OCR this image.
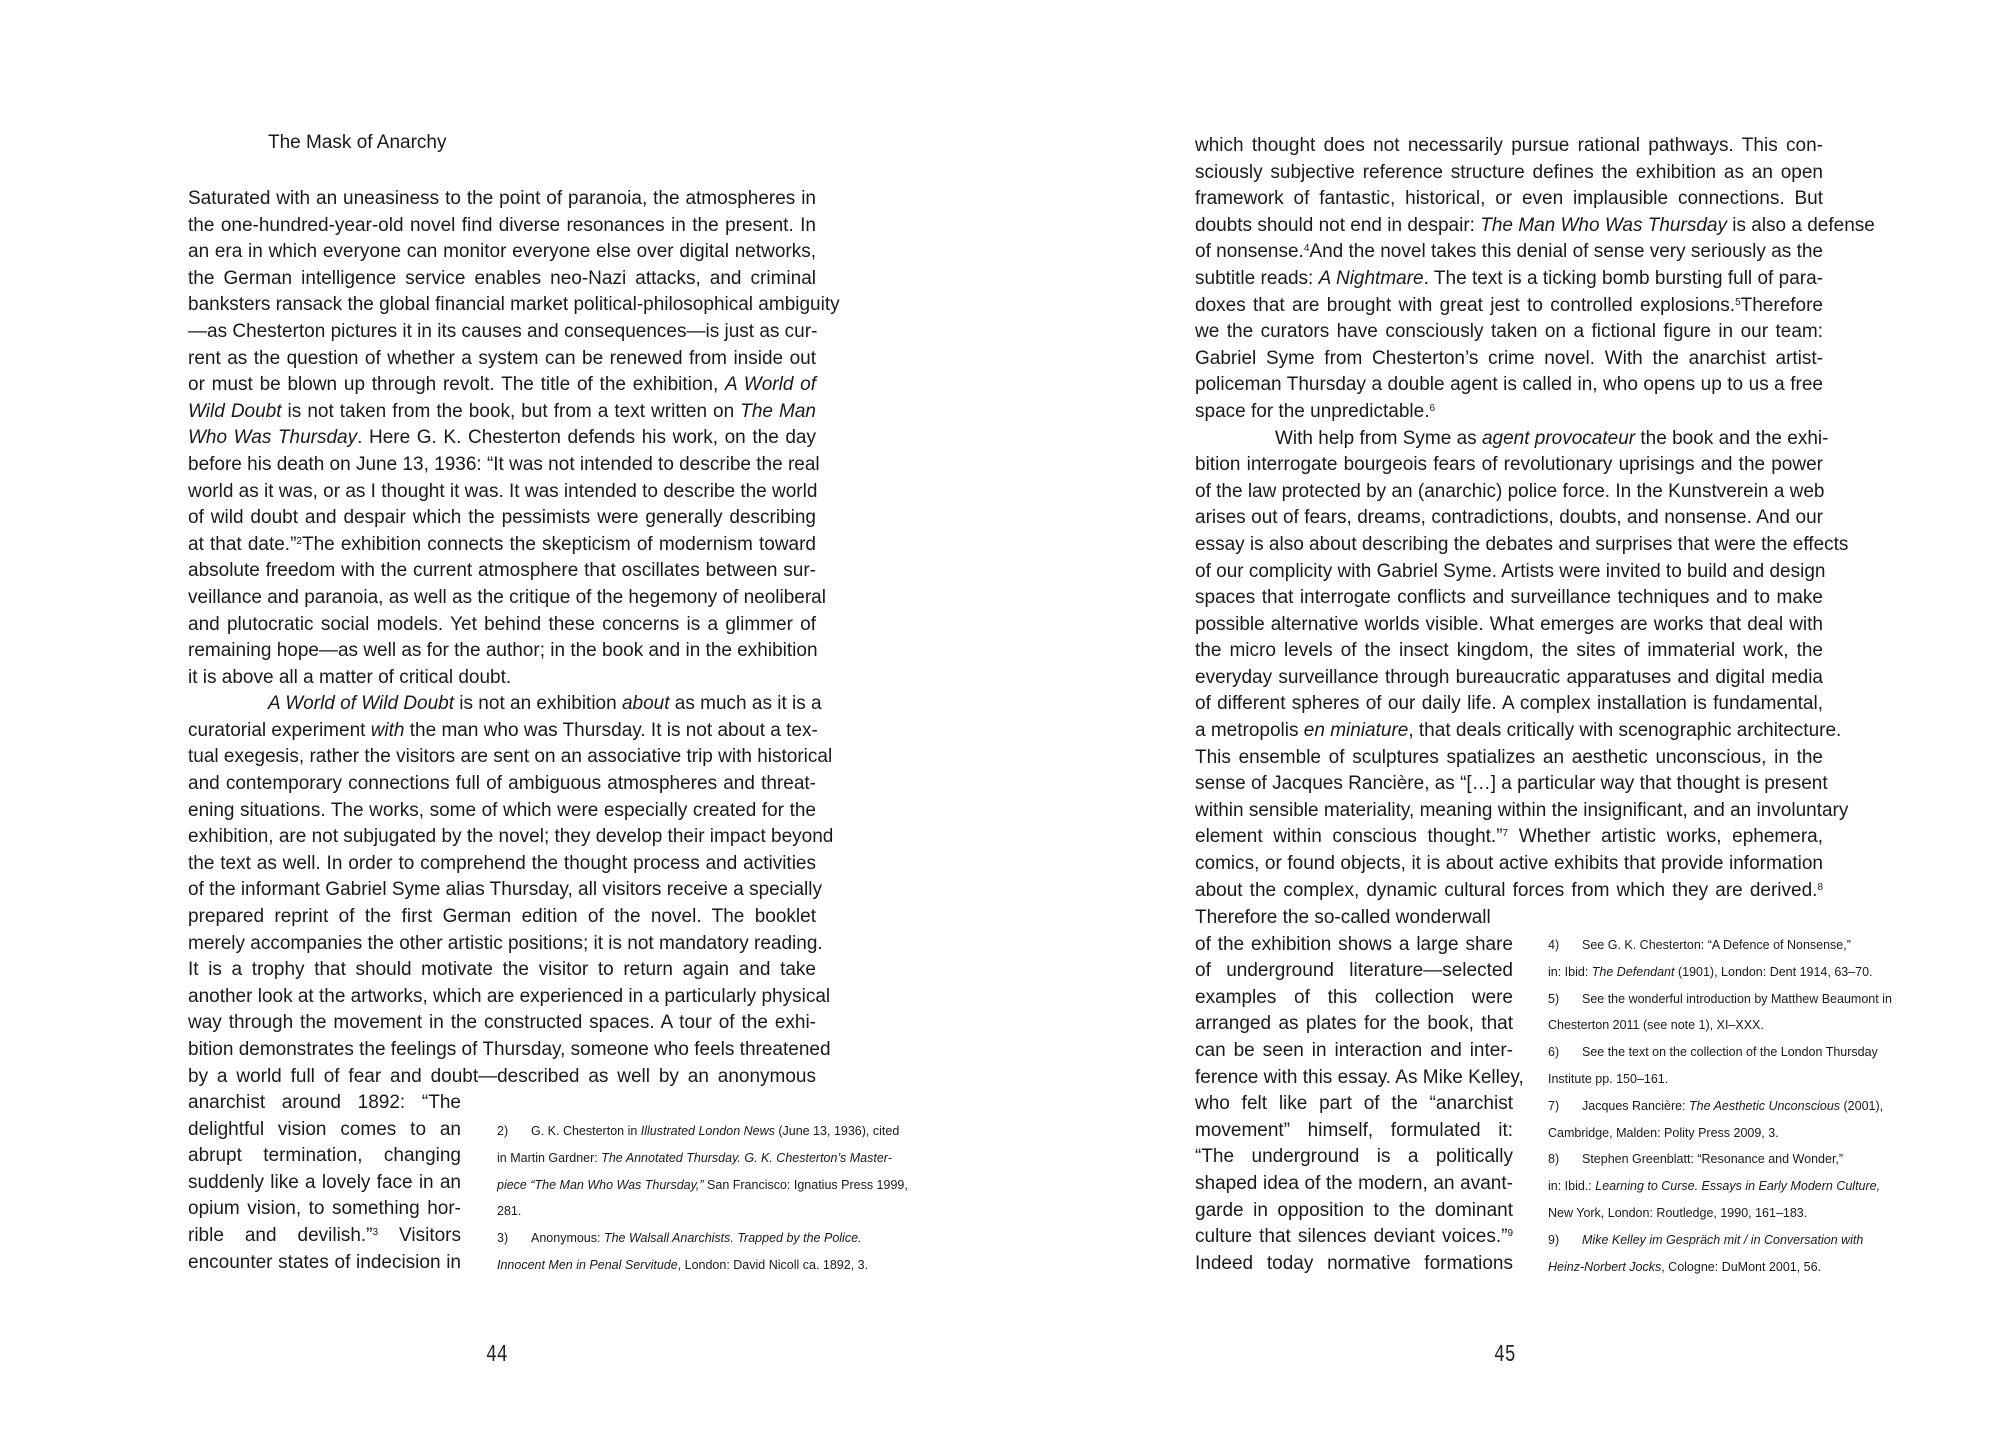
The Mask of Anarchy
Saturated with an uneasiness to the point of paranoia, the atmospheres in
the one-hundred-year-old novel find diverse resonances in the present. In
an era in which everyone can monitor everyone else over digital networks,
the German intelligence service enables neo-Nazi attacks, and criminal
banksters ransack the global financial market political-philosophical ambiguity
—as Chesterton pictures it in its causes and consequences—is just as cur-
rent as the question of whether a system can be renewed from inside out
or must be blown up through revolt. The title of the exhibition, A World of
Wild Doubt is not taken from the book, but from a text written on The Man
Who Was Thursday. Here G. K. Chesterton defends his work, on the day
before his death on June 13, 1936: “It was not intended to describe the real
world as it was, or as I thought it was. It was intended to describe the world
of wild doubt and despair which the pessimists were generally describing
at that date.”$^2$The exhibition connects the skepticism of modernism toward
absolute freedom with the current atmosphere that oscillates between sur-
veillance and paranoia, as well as the critique of the hegemony of neoliberal
and plutocratic social models. Yet behind these concerns is a glimmer of
remaining hope—as well as for the author; in the book and in the exhibition
it is above all a matter of critical doubt.
A World of Wild Doubt is not an exhibition about as much as it is a
curatorial experiment with the man who was Thursday. It is not about a tex-
tual exegesis, rather the visitors are sent on an associative trip with historical
and contemporary connections full of ambiguous atmospheres and threat-
ening situations. The works, some of which were especially created for the
exhibition, are not subjugated by the novel; they develop their impact beyond
the text as well. In order to comprehend the thought process and activities
of the informant Gabriel Syme alias Thursday, all visitors receive a specially
prepared reprint of the first German edition of the novel. The booklet
merely accompanies the other artistic positions; it is not mandatory reading.
It is a trophy that should motivate the visitor to return again and take
another look at the artworks, which are experienced in a particularly physical
way through the movement in the constructed spaces. A tour of the exhi-
bition demonstrates the feelings of Thursday, someone who feels threatened
by a world full of fear and doubt—described as well by an anonymous
anarchist around 1892: “The
delightful vision comes to an
abrupt termination, changing
suddenly like a lovely face in an
opium vision, to something hor-
rible and devilish.”$^3$ Visitors
encounter states of indecision in
2) G. K. Chesterton in Illustrated London News (June 13, 1936), cited
in Martin Gardner: The Annotated Thursday. G. K. Chesterton’s Master-
piece “The Man Who Was Thursday,” San Francisco: Ignatius Press 1999,
281.
3) Anonymous: The Walsall Anarchists. Trapped by the Police.
Innocent Men in Penal Servitude, London: David Nicoll ca. 1892, 3.
44
which thought does not necessarily pursue rational pathways. This con-
sciously subjective reference structure defines the exhibition as an open
framework of fantastic, historical, or even implausible connections. But
doubts should not end in despair: The Man Who Was Thursday is also a defense
of nonsense.$^4$And the novel takes this denial of sense very seriously as the
subtitle reads: A Nightmare. The text is a ticking bomb bursting full of para-
doxes that are brought with great jest to controlled explosions.$^5$Therefore
we the curators have consciously taken on a fictional figure in our team:
Gabriel Syme from Chesterton’s crime novel. With the anarchist artist-
policeman Thursday a double agent is called in, who opens up to us a free
space for the unpredictable.$^6$
With help from Syme as agent provocateur the book and the exhi-
bition interrogate bourgeois fears of revolutionary uprisings and the power
of the law protected by an (anarchic) police force. In the Kunstverein a web
arises out of fears, dreams, contradictions, doubts, and nonsense. And our
essay is also about describing the debates and surprises that were the effects
of our complicity with Gabriel Syme. Artists were invited to build and design
spaces that interrogate conflicts and surveillance techniques and to make
possible alternative worlds visible. What emerges are works that deal with
the micro levels of the insect kingdom, the sites of immaterial work, the
everyday surveillance through bureaucratic apparatuses and digital media
of different spheres of our daily life. A complex installation is fundamental,
a metropolis en miniature, that deals critically with scenographic architecture.
This ensemble of sculptures spatializes an aesthetic unconscious, in the
sense of Jacques Rancière, as “[…] a particular way that thought is present
within sensible materiality, meaning within the insignificant, and an involuntary
element within conscious thought.”$^7$ Whether artistic works, ephemera,
comics, or found objects, it is about active exhibits that provide information
about the complex, dynamic cultural forces from which they are derived.$^8$
Therefore the so-called wonderwall
of the exhibition shows a large share
of underground literature—selected
examples of this collection were
arranged as plates for the book, that
can be seen in interaction and inter-
ference with this essay. As Mike Kelley,
who felt like part of the “anarchist
movement” himself, formulated it:
“The underground is a politically
shaped idea of the modern, an avant-
garde in opposition to the dominant
culture that silences deviant voices.”$^9$
Indeed today normative formations
4) See G. K. Chesterton: “A Defence of Nonsense,”
in: Ibid: The Defendant (1901), London: Dent 1914, 63–70.
5) See the wonderful introduction by Matthew Beaumont in
Chesterton 2011 (see note 1), XI–XXX.
6) See the text on the collection of the London Thursday
Institute pp. 150–161.
7) Jacques Rancière: The Aesthetic Unconscious (2001),
Cambridge, Malden: Polity Press 2009, 3.
8) Stephen Greenblatt: “Resonance and Wonder,”
in: Ibid.: Learning to Curse. Essays in Early Modern Culture,
New York, London: Routledge, 1990, 161–183.
9) Mike Kelley im Gespräch mit / in Conversation with
Heinz-Norbert Jocks, Cologne: DuMont 2001, 56.
45
